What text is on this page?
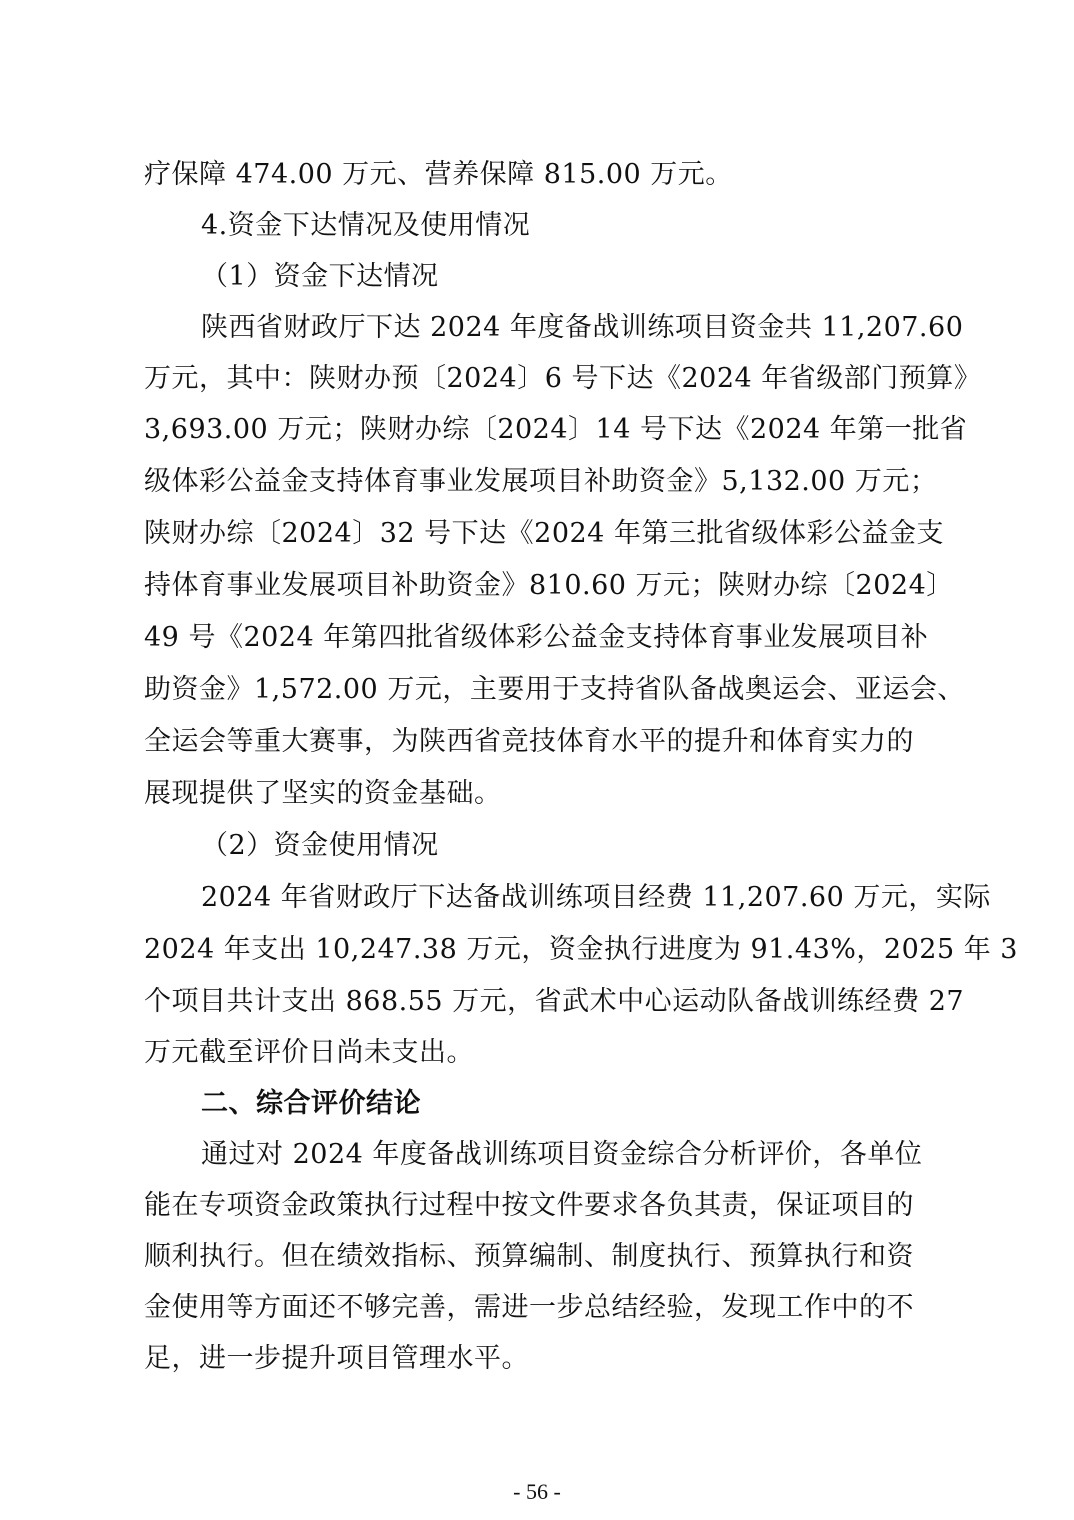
疗保障 474.00 万元、营养保障 815.00 万元。
4.资金下达情况及使用情况
（1）资金下达情况
陕西省财政厅下达 2024 年度备战训练项目资金共 11,207.60
万元，其中：陕财办预〔2024〕6 号下达《2024 年省级部门预算》
3,693.00 万元；陕财办综〔2024〕14 号下达《2024 年第一批省
级体彩公益金支持体育事业发展项目补助资金》5,132.00 万元；
陕财办综〔2024〕32 号下达《2024 年第三批省级体彩公益金支
持体育事业发展项目补助资金》810.60 万元；陕财办综〔2024〕
49 号《2024 年第四批省级体彩公益金支持体育事业发展项目补
助资金》1,572.00 万元，主要用于支持省队备战奥运会、亚运会、
全运会等重大赛事，为陕西省竞技体育水平的提升和体育实力的
展现提供了坚实的资金基础。
（2）资金使用情况
2024 年省财政厅下达备战训练项目经费 11,207.60 万元，实际
2024 年支出 10,247.38 万元，资金执行进度为 91.43%，2025 年 3
个项目共计支出 868.55 万元，省武术中心运动队备战训练经费 27
万元截至评价日尚未支出。
二、综合评价结论
通过对 2024 年度备战训练项目资金综合分析评价，各单位
能在专项资金政策执行过程中按文件要求各负其责，保证项目的
顺利执行。但在绩效指标、预算编制、制度执行、预算执行和资
金使用等方面还不够完善，需进一步总结经验，发现工作中的不
足，进一步提升项目管理水平。
- 56 -
